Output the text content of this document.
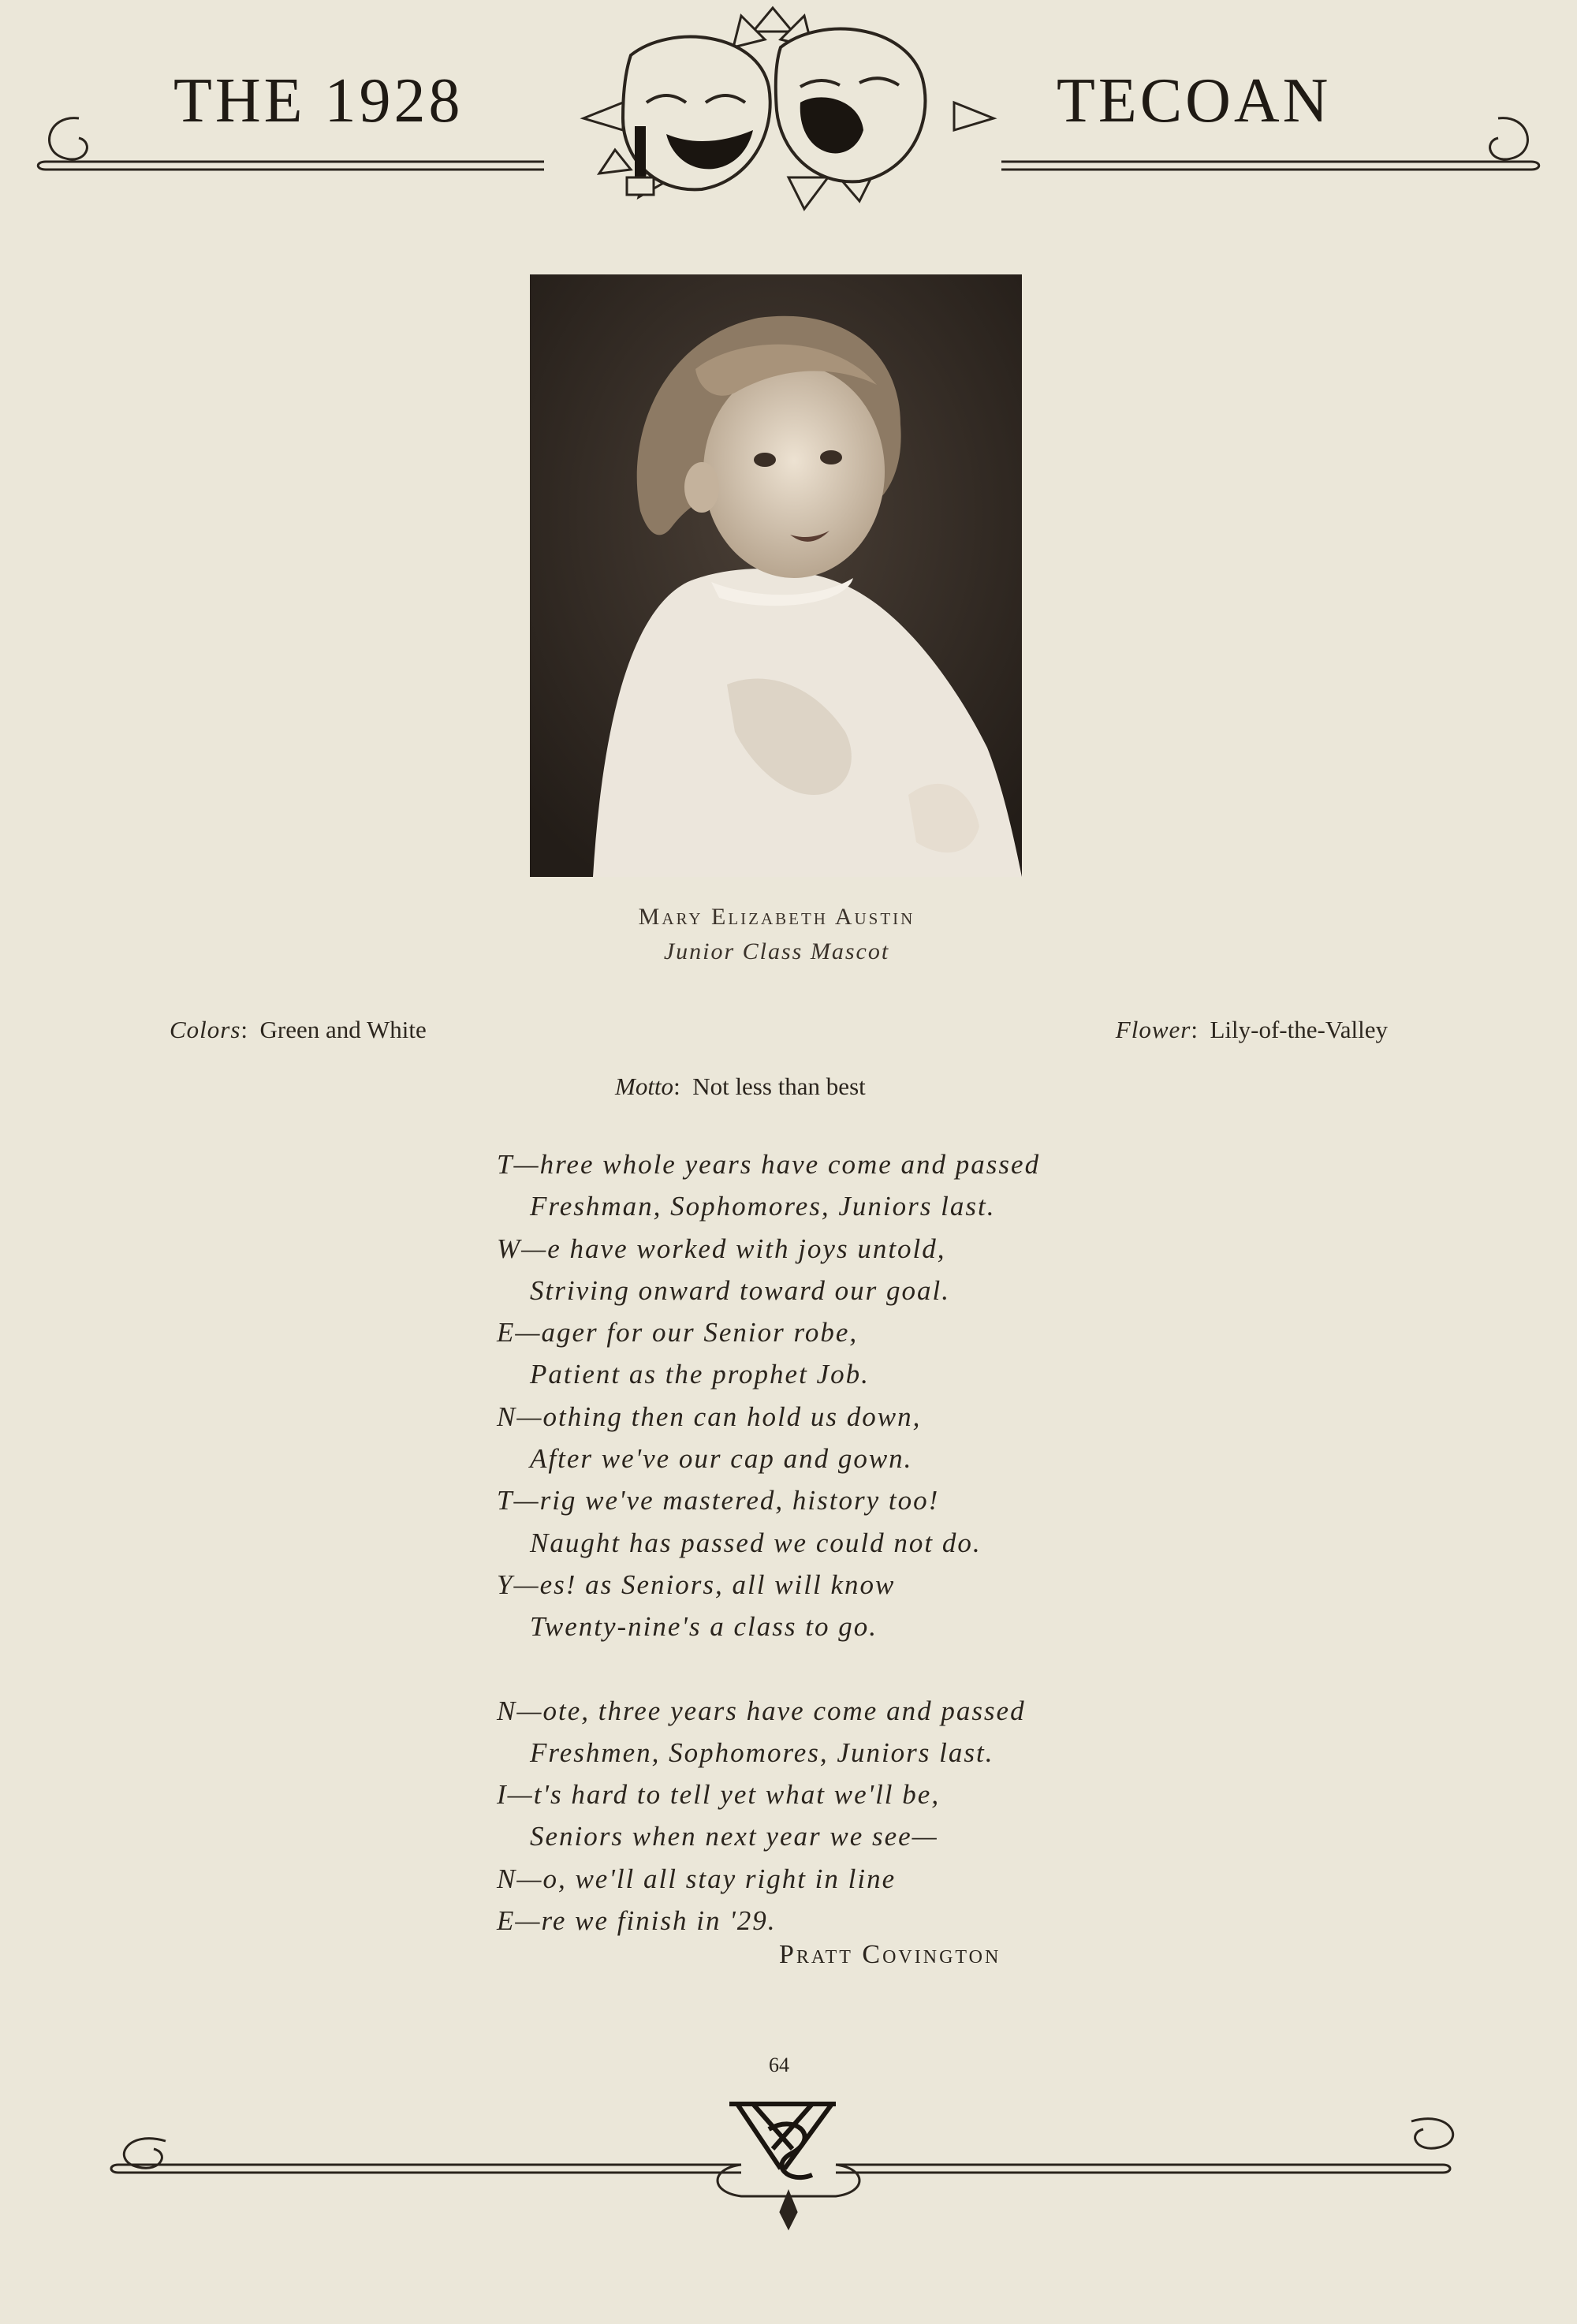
THE 1928	TECOAN
Mary Elizabeth Austin
Junior Class Mascot
Colors:  Green and White	Flower:  Lily-of-the-Valley
Motto:  Not less than best
T—hree whole years have come and passed
Freshman, Sophomores, Juniors last.
W—e have worked with joys untold,
Striving onward toward our goal.
E—ager for our Senior robe,
Patient as the prophet Job.
N—othing then can hold us down,
After we've our cap and gown.
T—rig we've mastered, history too!
Naught has passed we could not do.
Y—es! as Seniors, all will know
Twenty-nine's a class to go.
N—ote, three years have come and passed
Freshmen, Sophomores, Juniors last.
I—t's hard to tell yet what we'll be,
Seniors when next year we see—
N—o, we'll all stay right in line
E—re we finish in '29.
Pratt Covington
64
